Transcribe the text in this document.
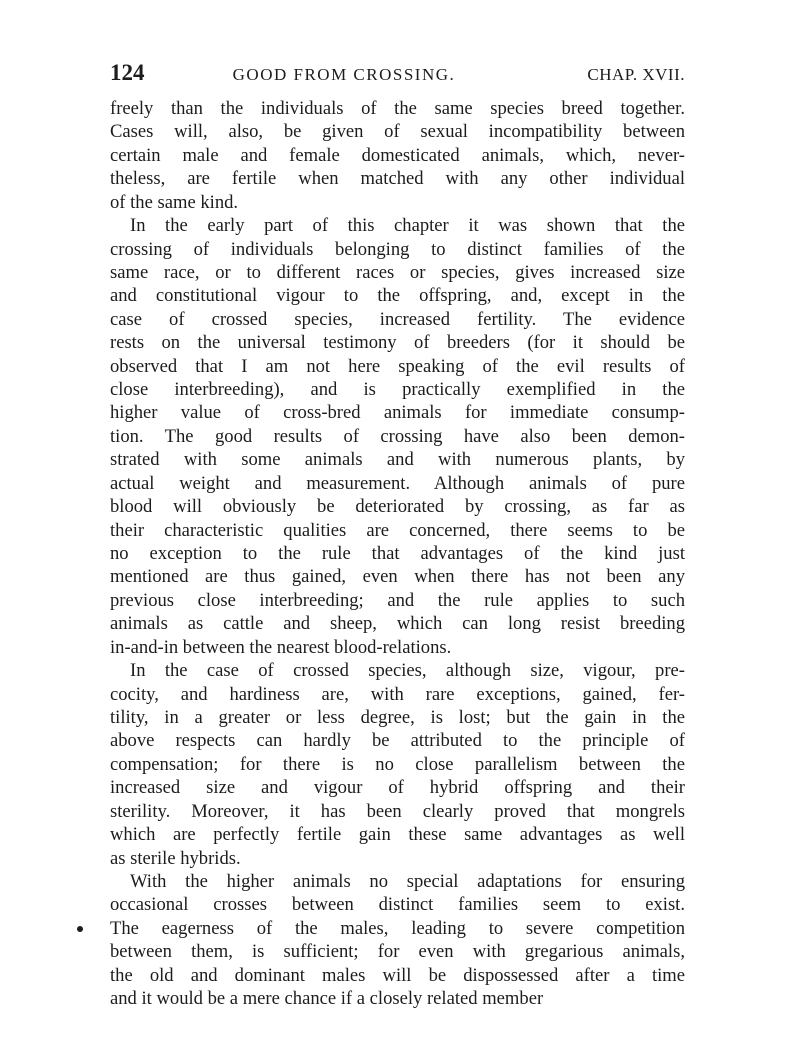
124	GOOD FROM CROSSING.	CHAP. XVII.
freely than the individuals of the same species breed together.
Cases will, also, be given of sexual incompatibility between
certain male and female domesticated animals, which, never-
theless, are fertile when matched with any other individual
of the same kind.
In the early part of this chapter it was shown that the
crossing of individuals belonging to distinct families of the
same race, or to different races or species, gives increased size
and constitutional vigour to the offspring, and, except in the
case of crossed species, increased fertility. The evidence
rests on the universal testimony of breeders (for it should be
observed that I am not here speaking of the evil results of
close interbreeding), and is practically exemplified in the
higher value of cross-bred animals for immediate consump-
tion. The good results of crossing have also been demon-
strated with some animals and with numerous plants, by
actual weight and measurement. Although animals of pure
blood will obviously be deteriorated by crossing, as far as
their characteristic qualities are concerned, there seems to be
no exception to the rule that advantages of the kind just
mentioned are thus gained, even when there has not been any
previous close interbreeding; and the rule applies to such
animals as cattle and sheep, which can long resist breeding
in-and-in between the nearest blood-relations.
In the case of crossed species, although size, vigour, pre-
cocity, and hardiness are, with rare exceptions, gained, fer-
tility, in a greater or less degree, is lost; but the gain in the
above respects can hardly be attributed to the principle of
compensation; for there is no close parallelism between the
increased size and vigour of hybrid offspring and their
sterility. Moreover, it has been clearly proved that mongrels
which are perfectly fertile gain these same advantages as well
as sterile hybrids.
With the higher animals no special adaptations for ensuring
occasional crosses between distinct families seem to exist.
The eagerness of the males, leading to severe competition
between them, is sufficient; for even with gregarious animals,
the old and dominant males will be dispossessed after a time
and it would be a mere chance if a closely related member
